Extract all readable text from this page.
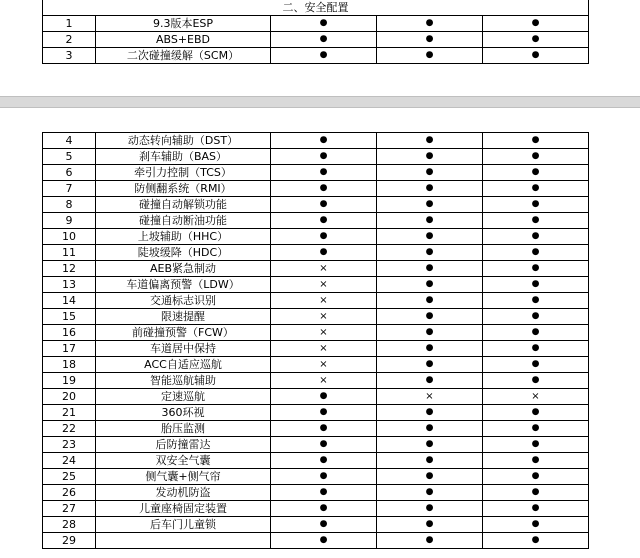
二、安全配置				
1	9.3版本ESP	●	●	●
2	ABS+EBD	●	●	●
3	二次碰撞缓解（SCM）	●	●	●
4	动态转向辅助（DST）	●	●	●
5	刹车辅助（BAS）	●	●	●
6	牵引力控制（TCS）	●	●	●
7	防侧翻系统（RMI）	●	●	●
8	碰撞自动解锁功能	●	●	●
9	碰撞自动断油功能	●	●	●
10	上坡辅助（HHC）	●	●	●
11	陡坡缓降（HDC）	●	●	●
12	AEB紧急制动	×	●	●
13	车道偏离预警（LDW）	×	●	●
14	交通标志识别	×	●	●
15	限速提醒	×	●	●
16	前碰撞预警（FCW）	×	●	●
17	车道居中保持	×	●	●
18	ACC自适应巡航	×	●	●
19	智能巡航辅助	×	●	●
20	定速巡航	●	×	×
21	360环视	●	●	●
22	胎压监测	●	●	●
23	后防撞雷达	●	●	●
24	双安全气囊	●	●	●
25	侧气囊+侧气帘	●	●	●
26	发动机防盗	●	●	●
27	儿童座椅固定装置	●	●	●
28	后车门儿童锁	●	●	●
29		●	●	●
